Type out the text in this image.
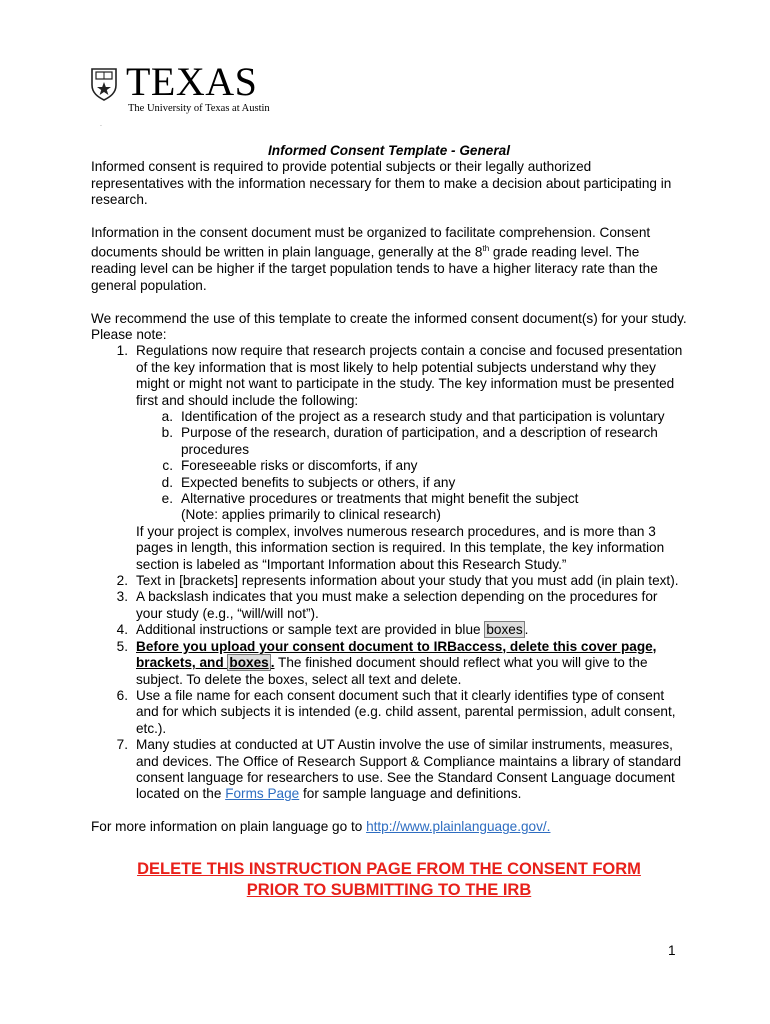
TEXAS
The University of Texas at Austin
.

Informed Consent Template - General

Informed consent is required to provide potential subjects or their legally authorized representatives with the information necessary for them to make a decision about participating in research.

Information in the consent document must be organized to facilitate comprehension. Consent documents should be written in plain language, generally at the 8th grade reading level. The reading level can be higher if the target population tends to have a higher literacy rate than the general population.

We recommend the use of this template to create the informed consent document(s) for your study. Please note:

1. Regulations now require that research projects contain a concise and focused presentation of the key information that is most likely to help potential subjects understand why they might or might not want to participate in the study. The key information must be presented first and should include the following:
a. Identification of the project as a research study and that participation is voluntary
b. Purpose of the research, duration of participation, and a description of research procedures
c. Foreseeable risks or discomforts, if any
d. Expected benefits to subjects or others, if any
e. Alternative procedures or treatments that might benefit the subject
(Note: applies primarily to clinical research)
If your project is complex, involves numerous research procedures, and is more than 3 pages in length, this information section is required. In this template, the key information section is labeled as “Important Information about this Research Study.”
2. Text in [brackets] represents information about your study that you must add (in plain text).
3. A backslash indicates that you must make a selection depending on the procedures for your study (e.g., “will/will not”).
4. Additional instructions or sample text are provided in blue boxes .
5. Before you upload your consent document to IRBaccess, delete this cover page, brackets, and boxes . The finished document should reflect what you will give to the subject. To delete the boxes, select all text and delete.
6. Use a file name for each consent document such that it clearly identifies type of consent and for which subjects it is intended (e.g. child assent, parental permission, adult consent, etc.).
7. Many studies at conducted at UT Austin involve the use of similar instruments, measures, and devices. The Office of Research Support & Compliance maintains a library of standard consent language for researchers to use. See the Standard Consent Language document located on the Forms Page for sample language and definitions.

For more information on plain language go to http://www.plainlanguage.gov/.

DELETE THIS INSTRUCTION PAGE FROM THE CONSENT FORM

PRIOR TO SUBMITTING TO THE IRB

1
